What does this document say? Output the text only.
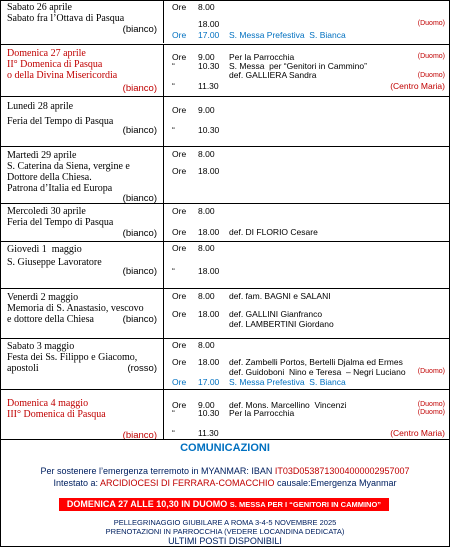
Sabato 26 aprile
Sabato fra l’Ottava di Pasqua
(bianco)
Ore 8.00
18.00	(Duomo)
Ore 17.00	S. Messa Prefestiva  S. Bianca
Domenica 27 aprile
II° Domenica di Pasqua
o della Divina Misericordia
(bianco)
Ore 9.00	Per la Parrocchia	(Duomo)
“	10.30	S. Messa  per “Genitori in Cammino”
def. GALLIERA Sandra	(Duomo)
“	11.30	(Centro Maria)
Lunedì 28 aprile
Feria del Tempo di Pasqua
(bianco)
Ore 9.00
“	10.30
Martedì 29 aprile
S. Caterina da Siena, vergine e
Dottore della Chiesa.
Patrona d’Italia ed Europa
(bianco)
Ore 8.00
Ore 18.00
Mercoledì 30 aprile
Feria del Tempo di Pasqua
(bianco)
Ore 8.00
Ore 18.00	def. DI FLORIO Cesare
Giovedì 1  maggio
S. Giuseppe Lavoratore
(bianco)
Ore 8.00
“	18.00
Venerdì 2 maggio
Memoria di S. Anastasio, vescovo
e dottore della Chiesa	(bianco)
Ore 8.00	def. fam. BAGNI e SALANI
Ore 18.00	def. GALLINI Gianfranco
def. LAMBERTINI Giordano
Sabato 3 maggio
Festa dei Ss. Filippo e Giacomo,
apostoli	(rosso)
Ore 8.00
Ore 18.00	def. Zambelli Portos, Bertelli Djalma ed Ermes
def. Guidoboni  Nino e Teresa  – Negri Luciano (Duomo)
Ore 17.00	S. Messa Prefestiva  S. Bianca
Domenica 4 maggio
III° Domenica di Pasqua
(bianco)
Ore 9.00	def. Mons. Marcellino  Vincenzi	(Duomo)
“	10.30	Per la Parrocchia	(Duomo)
“	11.30	(Centro Maria)
COMUNICAZIONI
Per sostenere l’emergenza terremoto in MYANMAR: IBAN IT03D0538713004000002957007
Intestato a: ARCIDIOCESI DI FERRARA-COMACCHIO causale:Emergenza Myanmar
DOMENICA 27 ALLE 10,30 IN DUOMO S. MESSA PER I “GENITORI IN CAMMINO”
PELLEGRINAGGIO GIUBILARE A ROMA 3-4-5 NOVEMBRE 2025
PRENOTAZIONI IN PARROCCHIA (VEDERE LOCANDINA DEDICATA)
ULTIMI POSTI DISPONIBILI
